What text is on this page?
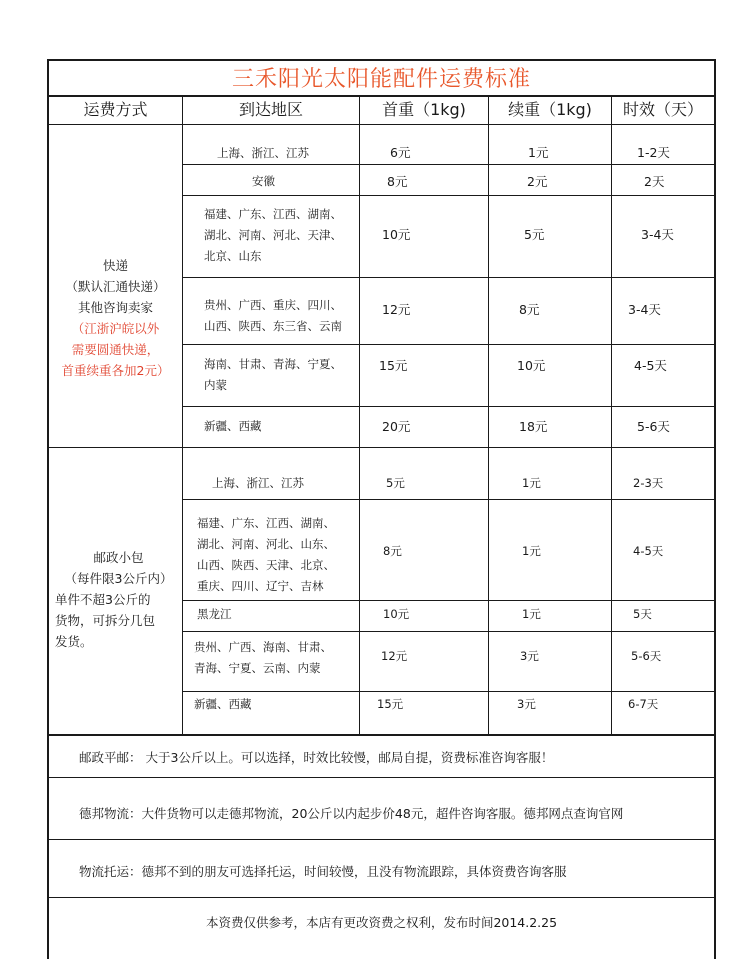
三禾阳光太阳能配件运费标准
运费方式	到达地区	首重（1kg)	续重（1kg)	时效（天）
快递
（默认汇通快递）
其他咨询卖家
（江浙沪皖以外
需要圆通快递，
首重续重各加2元）
上海、浙江、江苏	6元	1元	1-2天
安徽	8元	2元	2天
福建、广东、江西、湖南、
湖北、河南、河北、天津、
北京、山东
10元	5元	3-4天
贵州、广西、重庆、四川、
山西、陕西、东三省、云南
12元	8元	3-4天
海南、甘肃、青海、宁夏、
内蒙
15元	10元	4-5天
新疆、西藏	20元	18元	5-6天
邮政小包
（每件限3公斤内）
单件不超3公斤的
货物，可拆分几包
发货。
上海、浙江、江苏	5元	1元	2-3天
福建、广东、江西、湖南、
湖北、河南、河北、山东、
山西、陕西、天津、北京、
重庆、四川、辽宁、吉林
8元	1元	4-5天
黑龙江	10元	1元	5天
贵州、广西、海南、甘肃、
青海、宁夏、云南、内蒙
12元	3元	5-6天
新疆、西藏	15元	3元	6-7天
邮政平邮： 大于3公斤以上。可以选择，时效比较慢，邮局自提，资费标准咨询客服！
德邦物流：大件货物可以走德邦物流，20公斤以内起步价48元，超件咨询客服。德邦网点查询官网
物流托运：德邦不到的朋友可选择托运，时间较慢，且没有物流跟踪，具体资费咨询客服
本资费仅供参考，本店有更改资费之权利，发布时间2014.2.25
